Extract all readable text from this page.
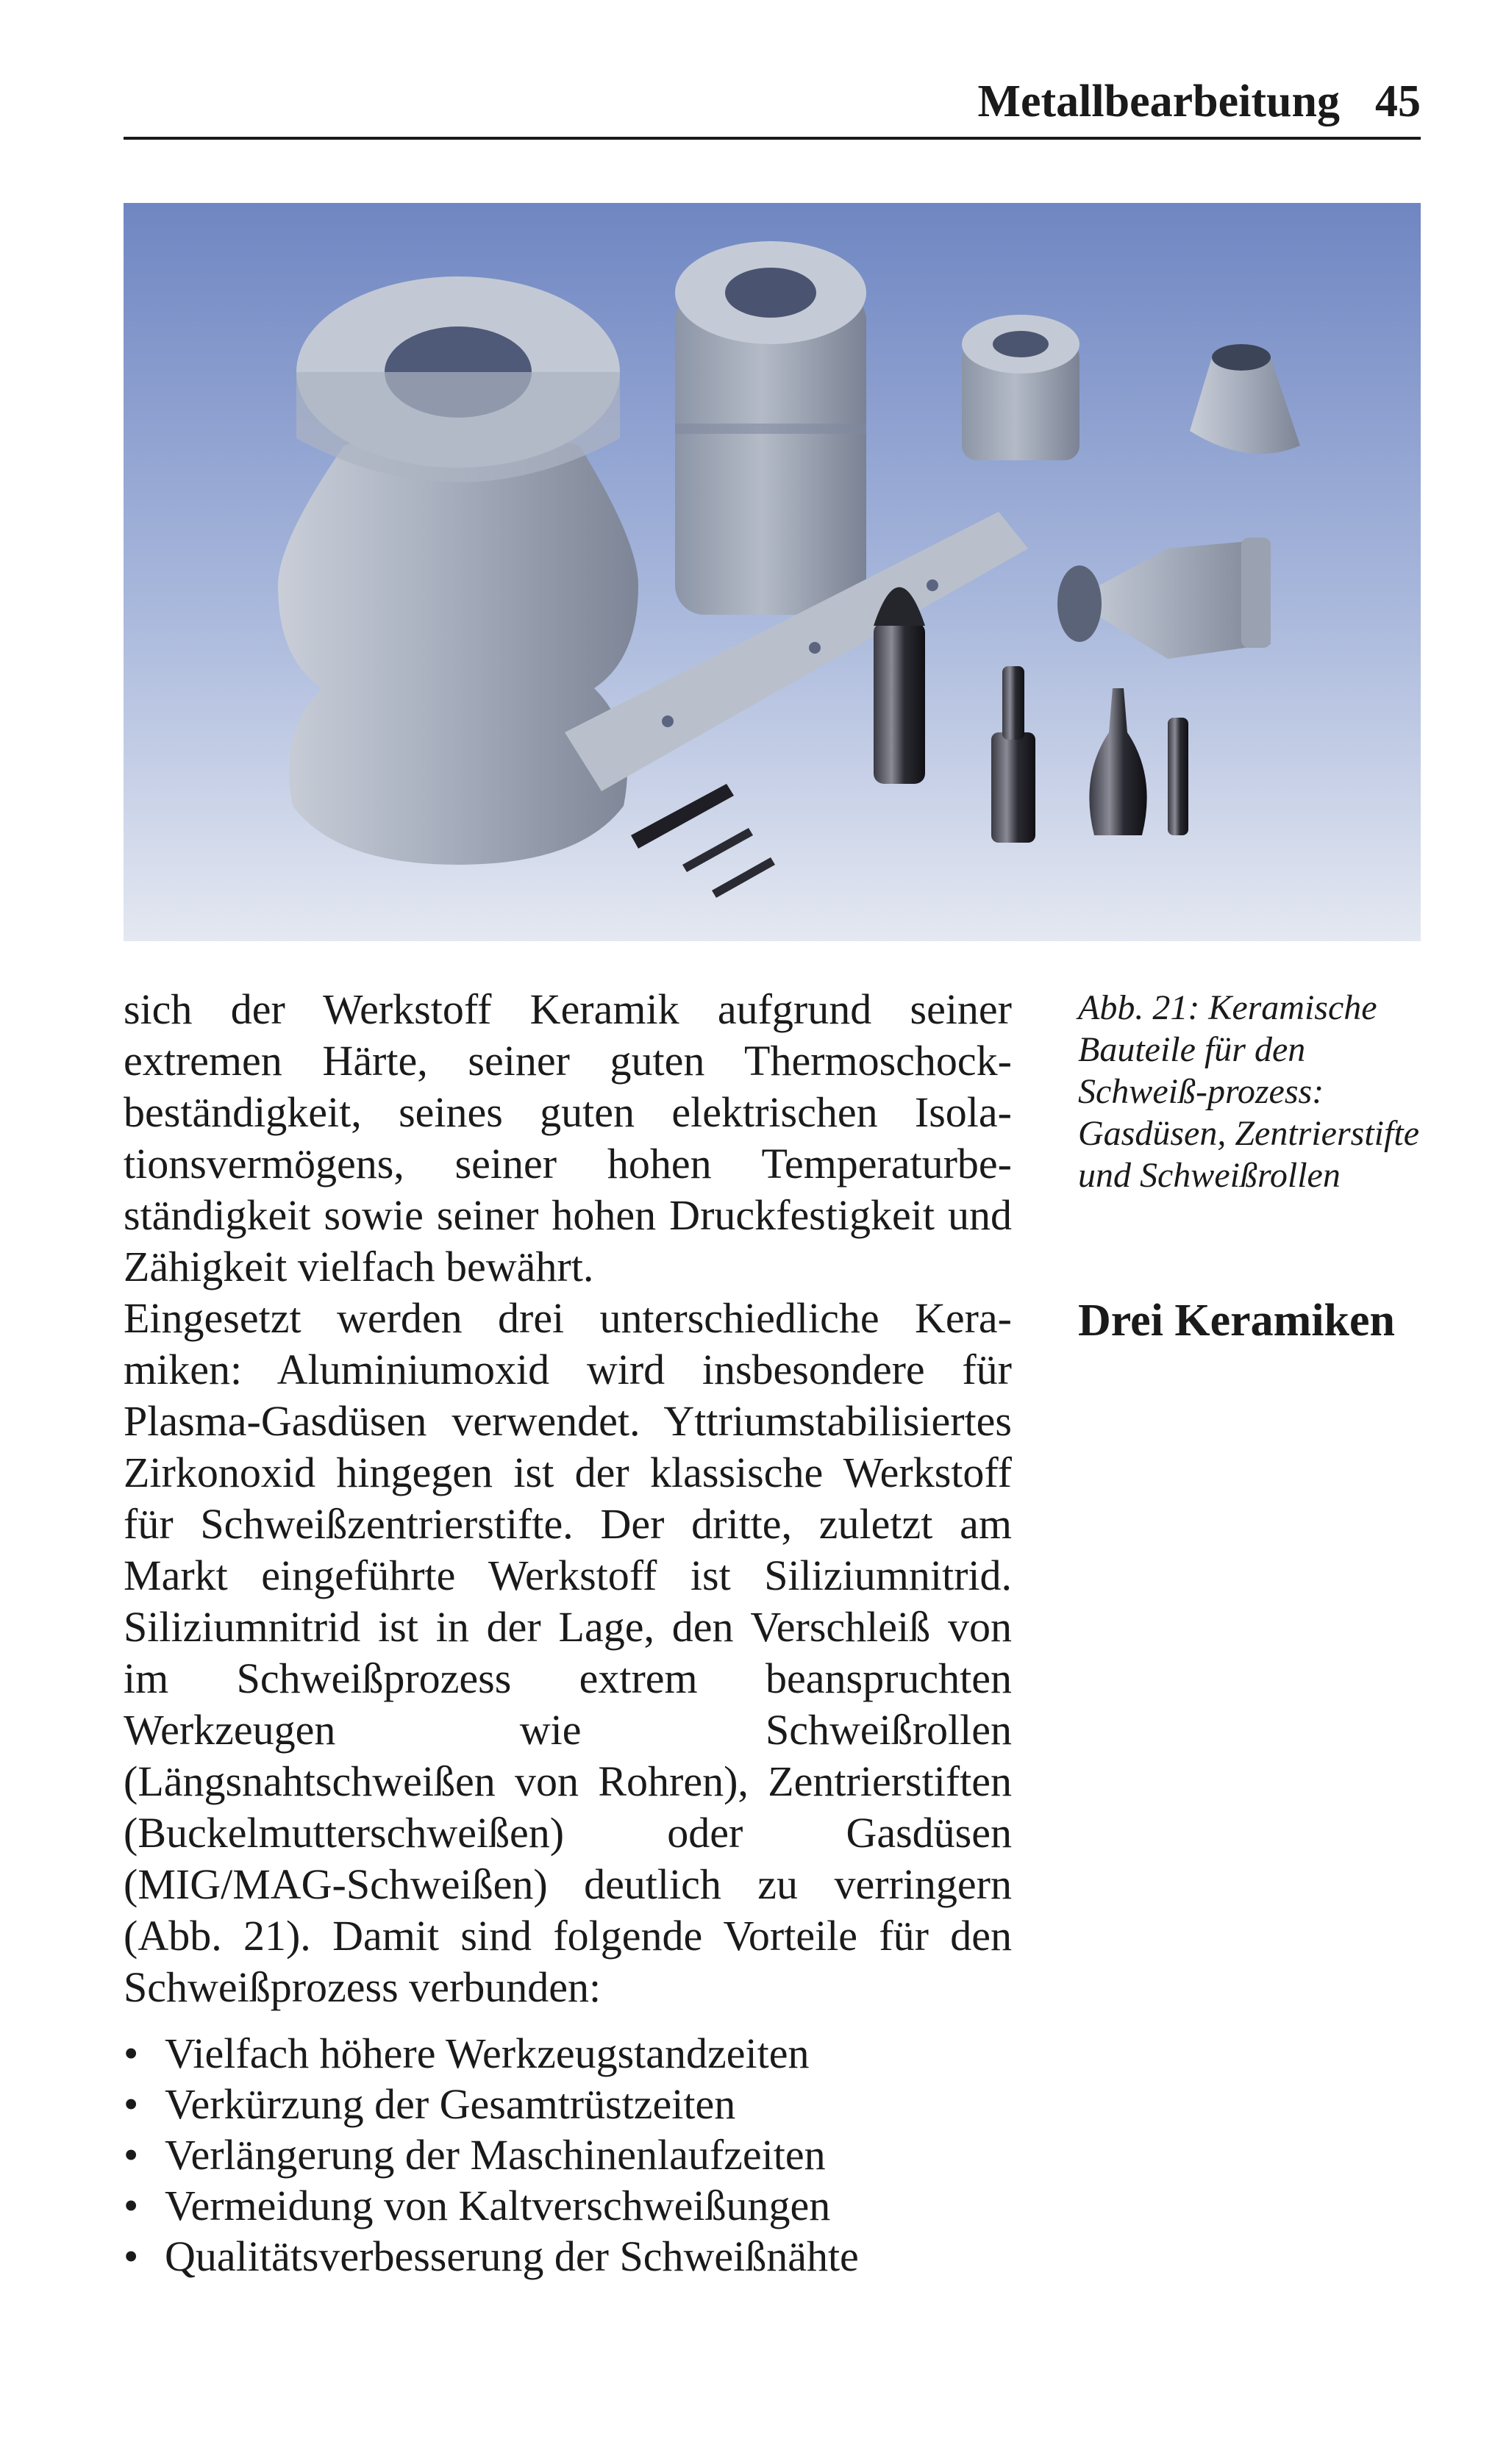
Metallbearbeitung 45

sich der Werkstoff Keramik aufgrund seiner extremen Härte, seiner guten Thermoschockbeständigkeit, seines guten elektrischen Isolationsvermögens, seiner hohen Temperaturbeständigkeit sowie seiner hohen Druckfestigkeit und Zähigkeit vielfach bewährt.

Eingesetzt werden drei unterschiedliche Keramiken: Aluminiumoxid wird insbesondere für Plasma-Gasdüsen verwendet. Yttriumstabilisiertes Zirkonoxid hingegen ist der klassische Werkstoff für Schweißzentrierstifte. Der dritte, zuletzt am Markt eingeführte Werkstoff ist Siliziumnitrid. Siliziumnitrid ist in der Lage, den Verschleiß von im Schweißprozess extrem beanspruchten Werkzeugen wie Schweißrollen (Längsnahtschweißen von Rohren), Zentrierstiften (Buckelmutterschweißen) oder Gasdüsen (MIG/MAG-Schweißen) deutlich zu verringern (Abb. 21). Damit sind folgende Vorteile für den Schweißprozess verbunden:

• Vielfach höhere Werkzeugstandzeiten
• Verkürzung der Gesamtrüstzeiten
• Verlängerung der Maschinenlaufzeiten
• Vermeidung von Kaltverschweißungen
• Qualitätsverbesserung der Schweißnähte
Abb. 21: Keramische Bauteile für den Schweiß-prozess: Gasdüsen, Zentrierstifte und Schweißrollen
Drei Keramiken
